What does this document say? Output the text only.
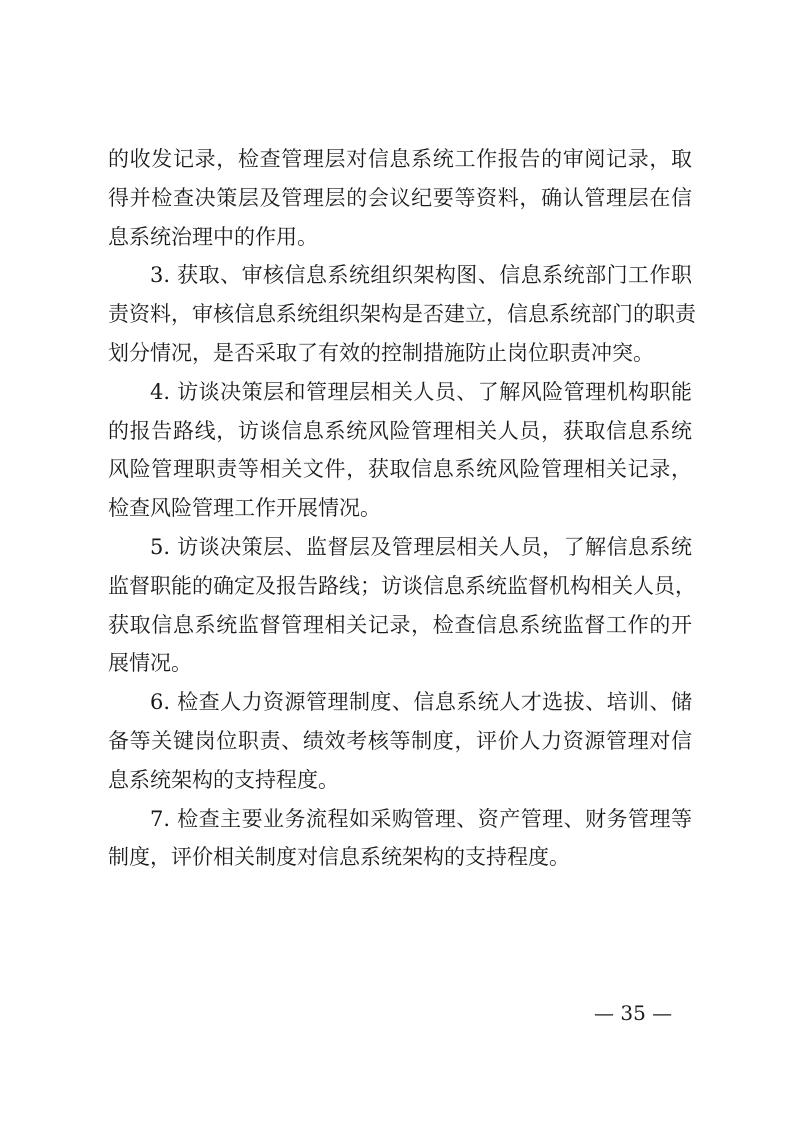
的收发记录，检查管理层对信息系统工作报告的审阅记录，取
得并检查决策层及管理层的会议纪要等资料，确认管理层在信
息系统治理中的作用。

3. 获取、审核信息系统组织架构图、信息系统部门工作职
责资料，审核信息系统组织架构是否建立，信息系统部门的职责
划分情况，是否采取了有效的控制措施防止岗位职责冲突。

4. 访谈决策层和管理层相关人员、了解风险管理机构职能
的报告路线，访谈信息系统风险管理相关人员，获取信息系统
风险管理职责等相关文件，获取信息系统风险管理相关记录，
检查风险管理工作开展情况。

5. 访谈决策层、监督层及管理层相关人员，了解信息系统
监督职能的确定及报告路线；访谈信息系统监督机构相关人员，
获取信息系统监督管理相关记录，检查信息系统监督工作的开
展情况。

6. 检查人力资源管理制度、信息系统人才选拔、培训、储
备等关键岗位职责、绩效考核等制度，评价人力资源管理对信
息系统架构的支持程度。

7. 检查主要业务流程如采购管理、资产管理、财务管理等
制度，评价相关制度对信息系统架构的支持程度。

— 35 —
